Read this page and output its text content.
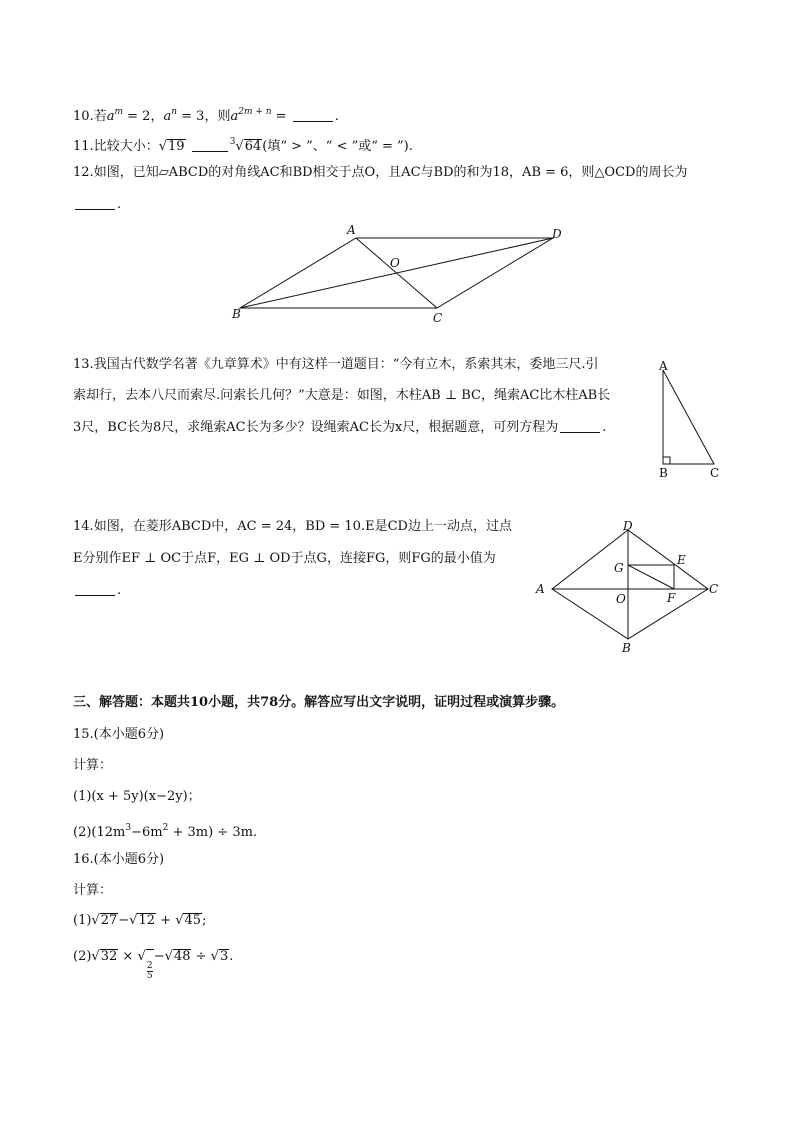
10.若$a^m = 2$，$a^n = 3$，则$a^{2m + n}$ =	.
11.比较大小：√19	$^3$√64(填“ > ”、“ < ”或“ = ”).
12.如图，已知▱ABCD的对角线AC和BD相交于点O，且AC与BD的和为18，AB = 6，则△OCD的周长为
.
A	D
O
B	C
13.我国古代数学名著《九章算术》中有这样一道题目：“今有立木，系索其末，委地三尺.引
索却行，去本八尺而索尽.问索长几何？”大意是：如图，木柱AB ⊥ BC，绳索AC比木柱AB长
3尺，BC长为8尺，求绳索AC长为多少？设绳索AC长为x尺，根据题意，可列方程为	.
A
B	C
14.如图，在菱形ABCD中，AC = 24，BD = 10.E是CD边上一动点，过点
E分别作EF ⊥ OC于点F，EG ⊥ OD于点G，连接FG，则FG的最小值为
.	A
D
C
B
O
G
E
F
三、解答题：本题共10小题，共78分。解答应写出文字说明，证明过程或演算步骤。
15.(本小题6分)
计算：
(1)(x + 5y)(x−2y)；
$(2)(12m^3-6m^2 + 3m) \div 3m$.
16.(本小题6分)
计算：
(1)√27−√12 + √45;
(2)√32 × √
$\frac{2}{5}$
−√48 ÷ √3.
